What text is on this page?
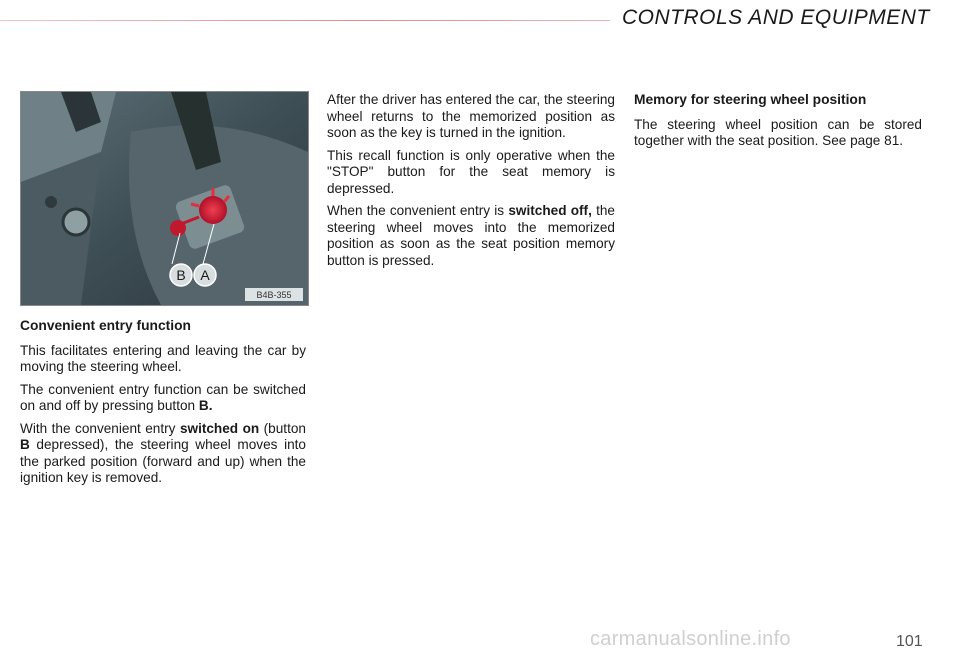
CONTROLS AND EQUIPMENT
B A
B4B-355
Convenient entry function

This facilitates entering and leaving the car by moving the steering wheel.

The convenient entry function can be switched on and off by pressing button B.

With the convenient entry switched on (button B depressed), the steering wheel moves into the parked position (forward and up) when the ignition key is removed.

After the driver has entered the car, the steering wheel returns to the memorized position as soon as the key is turned in the ignition.

This recall function is only operative when the "STOP" button for the seat memory is depressed.

When the convenient entry is switched off, the steering wheel moves into the memorized position as soon as the seat position memory button is pressed.

Memory for steering wheel position

The steering wheel position can be stored together with the seat position. See page 81.

carmanualsonline.info	101
